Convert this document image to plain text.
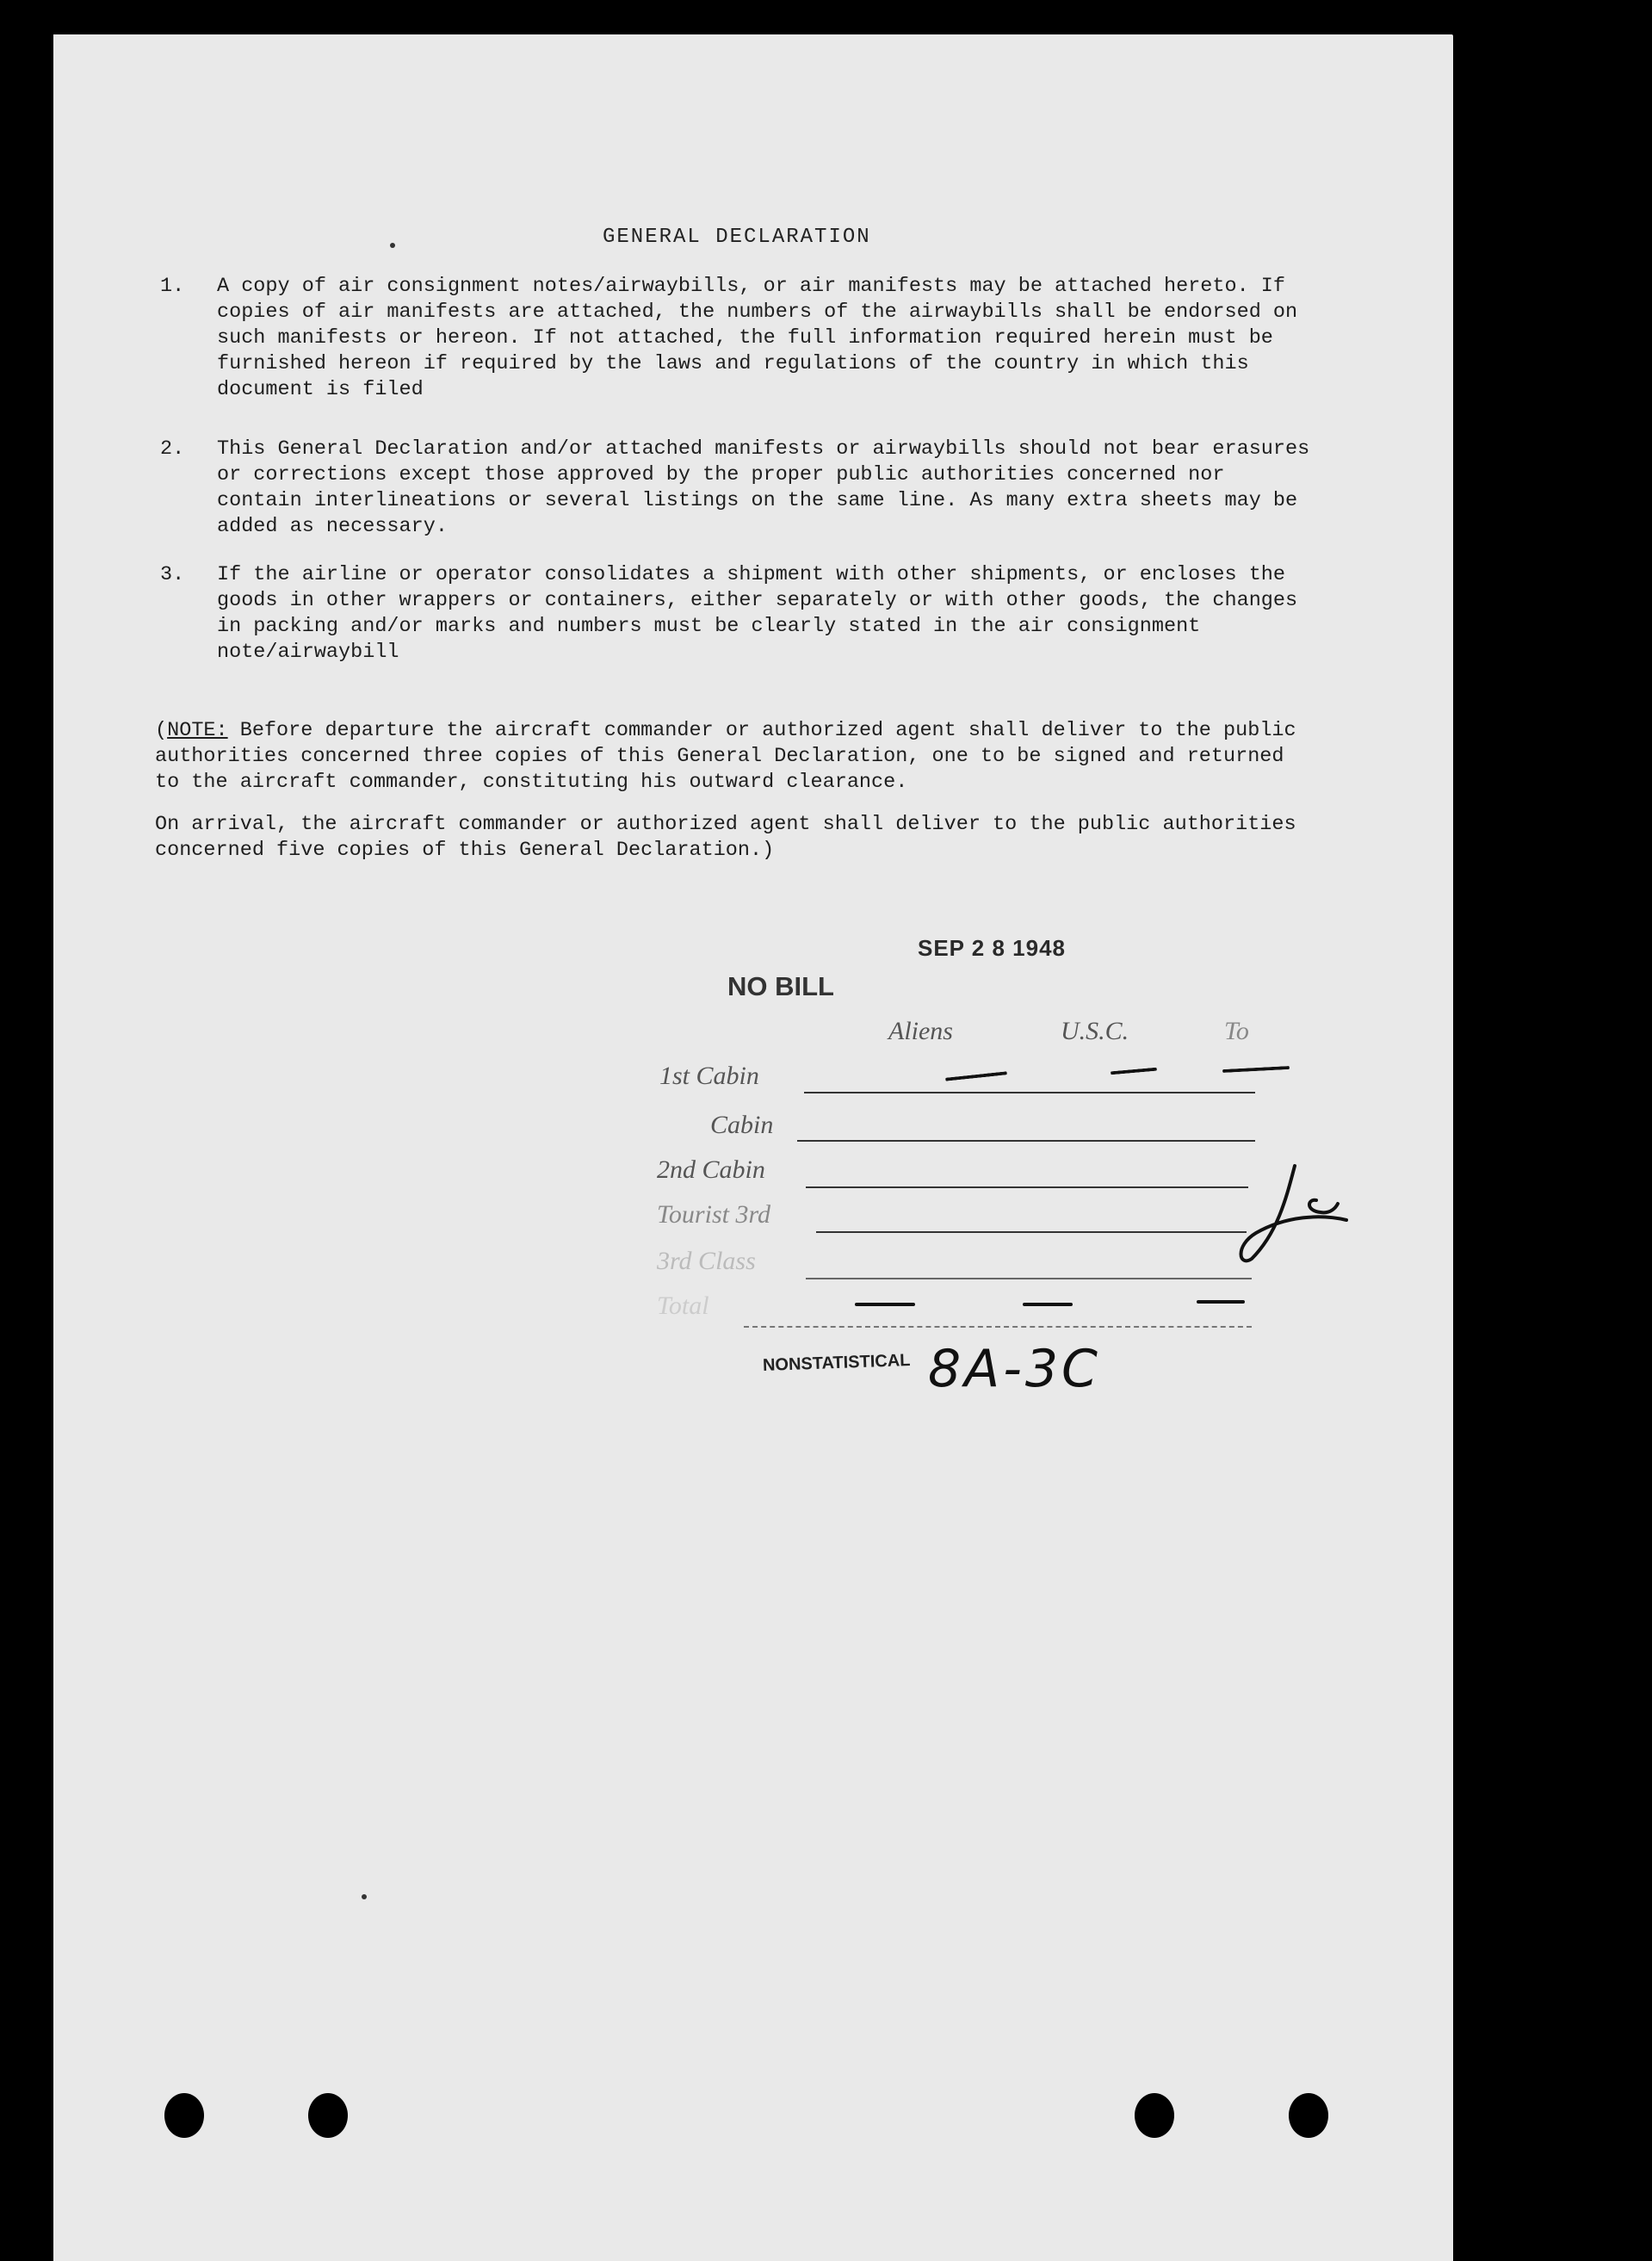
GENERAL DECLARATION
1. A copy of air consignment notes/airwaybills, or air manifests may be attached hereto. If copies of air manifests are attached, the numbers of the airwaybills shall be endorsed on such manifests or hereon. If not attached, the full information required herein must be furnished hereon if required by the laws and regulations of the country in which this document is filed
2. This General Declaration and/or attached manifests or airwaybills should not bear erasures or corrections except those approved by the proper public authorities concerned nor contain interlineations or several listings on the same line. As many extra sheets may be added as necessary.
3. If the airline or operator consolidates a shipment with other shipments, or encloses the goods in other wrappers or containers, either separately or with other goods, the changes in packing and/or marks and numbers must be clearly stated in the air consignment note/airwaybill
(NOTE: Before departure the aircraft commander or authorized agent shall deliver to the public authorities concerned three copies of this General Declaration, one to be signed and returned to the aircraft commander, constituting his outward clearance.
On arrival, the aircraft commander or authorized agent shall deliver to the public authorities concerned five copies of this General Declaration.)
SEP 2 8 1948
NO BILL
Aliens	U.S.C.	To
1st Cabin
Cabin
2nd Cabin
Tourist 3rd
3rd Class
Total
NONSTATISTICAL 8A-3C
